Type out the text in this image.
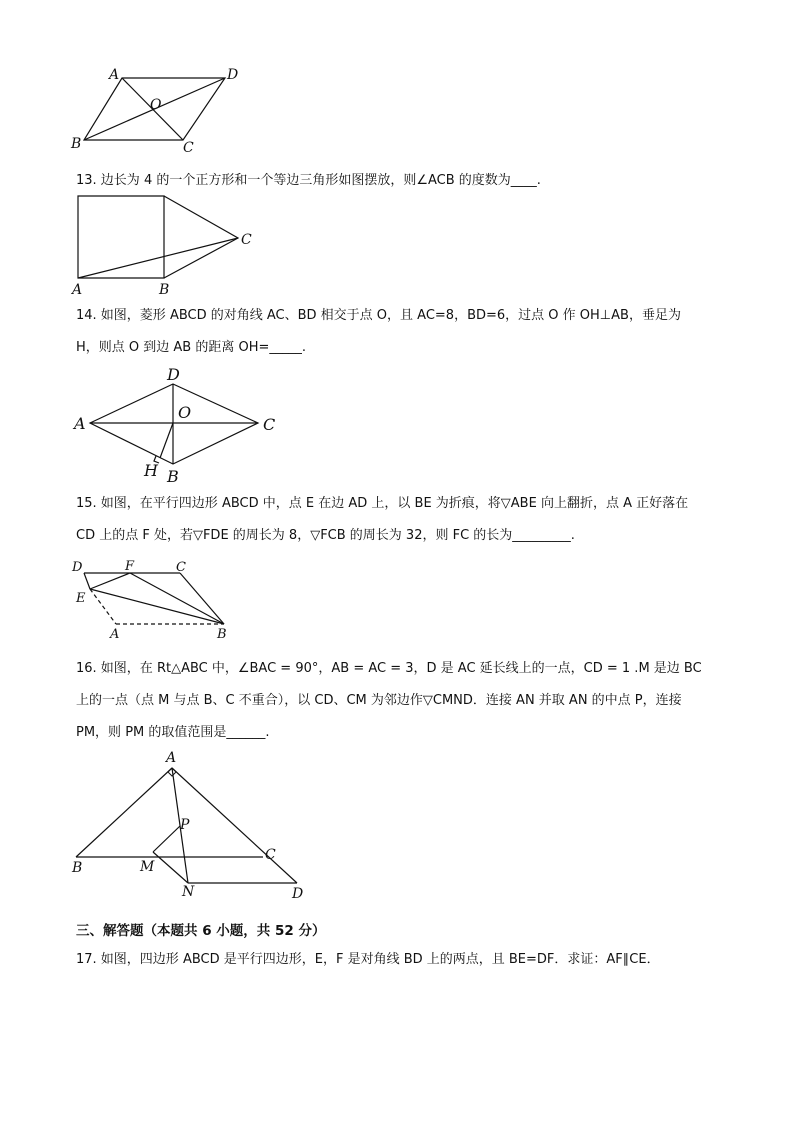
A	D
O
B	C
13. 边长为 4 的一个正方形和一个等边三角形如图摆放，则∠ACB 的度数为____.
C
A	B
14. 如图，菱形 ABCD 的对角线 AC、BD 相交于点 O，且 AC=8，BD=6，过点 O 作 OH⊥AB，垂足为
H，则点 O 到边 AB 的距离 OH=_____.
D
A
O
C
H B
15. 如图，在平行四边形 ABCD 中，点 E 在边 AD 上，以 BE 为折痕，将▽ABE 向上翻折，点 A 正好落在
CD 上的点 F 处，若▽FDE 的周长为 8，▽FCB 的周长为 32，则 FC 的长为_________.
D	F	C
E
A	B
16. 如图，在 Rt△ABC 中，∠BAC = 90°，AB = AC = 3，D 是 AC 延长线上的一点，CD = 1 .M 是边 BC
上的一点（点 M 与点 B、C 不重合），以 CD、CM 为邻边作▽CMND．连接 AN 并取 AN 的中点 P，连接
PM，则 PM 的取值范围是______.
A
P
C
B	M
N	D
三、解答题（本题共 6 小题，共 52 分）
17. 如图，四边形 ABCD 是平行四边形，E，F 是对角线 BD 上的两点，且 BE=DF．求证：AF∥CE．
